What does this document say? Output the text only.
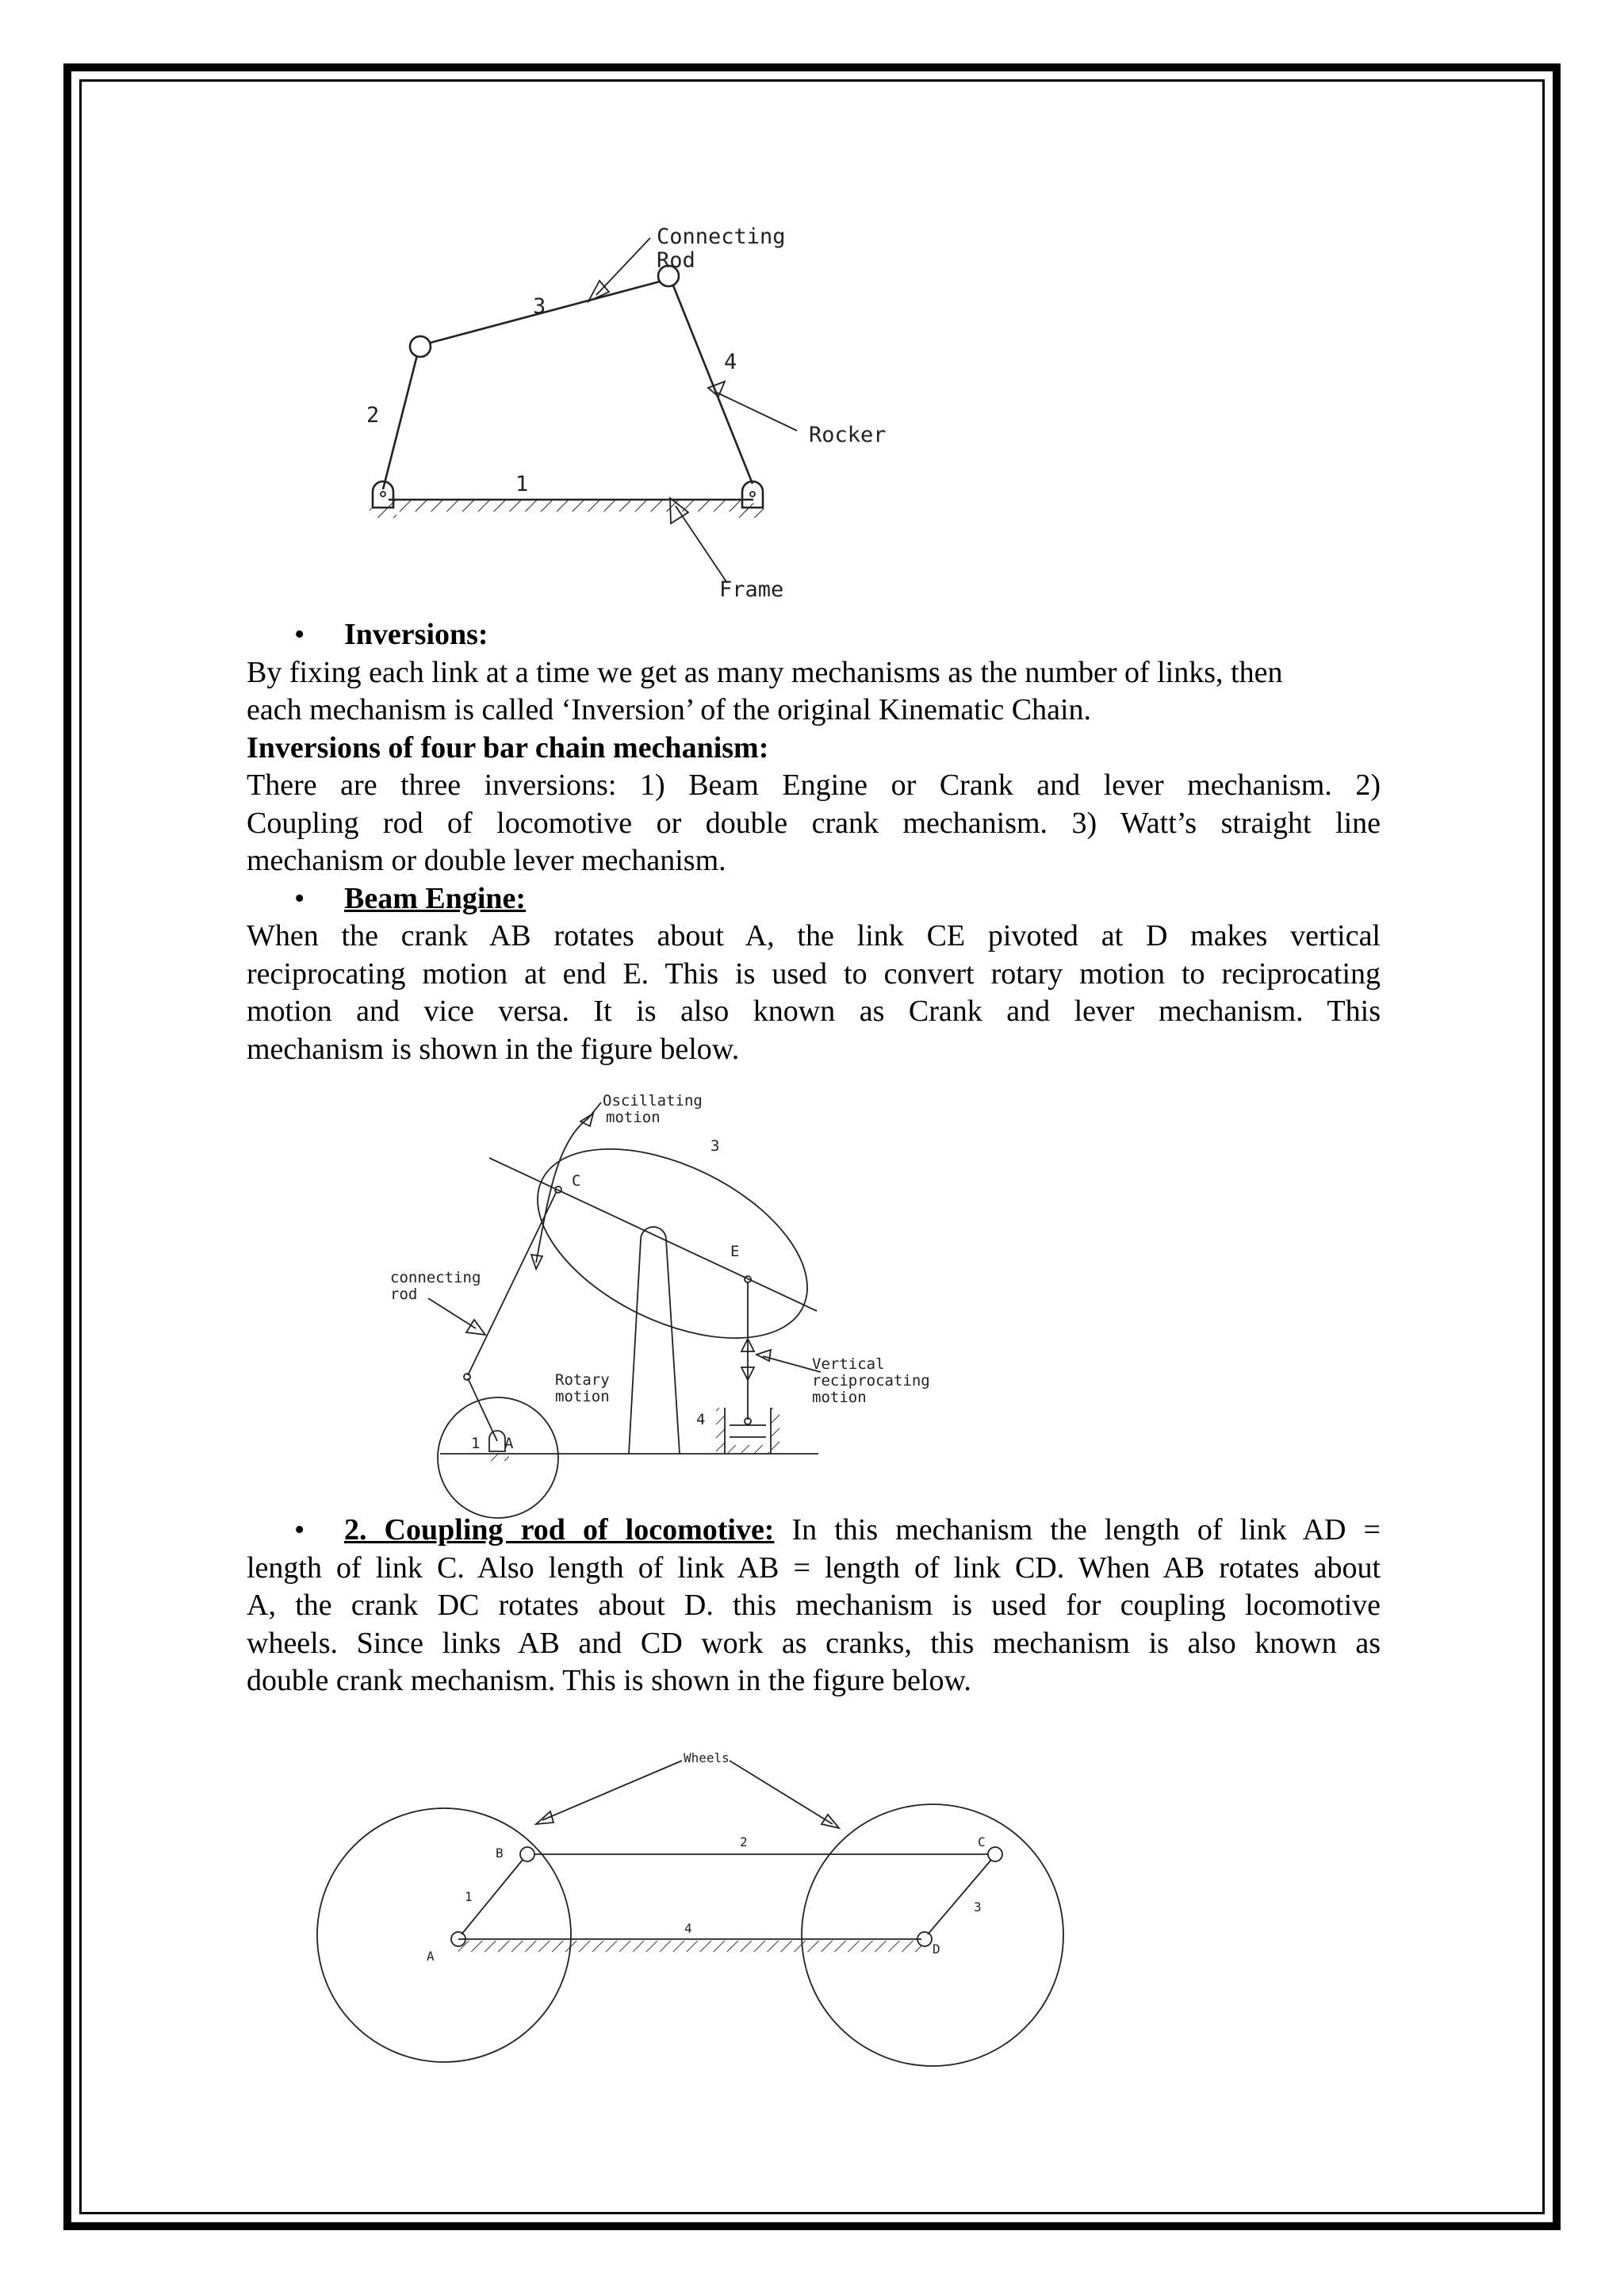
Connecting
Rod
Rocker
Frame
1
2
3
4
• Inversions:
By fixing each link at a time we get as many mechanisms as the number of links, then
each mechanism is called ‘Inversion’ of the original Kinematic Chain.
Inversions of four bar chain mechanism:
There are three inversions: 1) Beam Engine or Crank and lever mechanism. 2)
Coupling rod of locomotive or double crank mechanism. 3) Watt’s straight line
mechanism or double lever mechanism.
• Beam Engine:
When the crank AB rotates about A, the link CE pivoted at D makes vertical
reciprocating motion at end E. This is used to convert rotary motion to reciprocating
motion and vice versa. It is also known as Crank and lever mechanism. This
mechanism is shown in the figure below.
Oscillating
motion
3
C
E
connecting
rod
Rotary
motion
Vertical
reciprocating
motion
1 A
4
• 2. Coupling rod of locomotive: In this mechanism the length of link AD =
length of link C. Also length of link AB = length of link CD. When AB rotates about
A, the crank DC rotates about D. this mechanism is used for coupling locomotive
wheels. Since links AB and CD work as cranks, this mechanism is also known as
double crank mechanism. This is shown in the figure below.
Wheels
A
B
C
D
1
2
3
4
